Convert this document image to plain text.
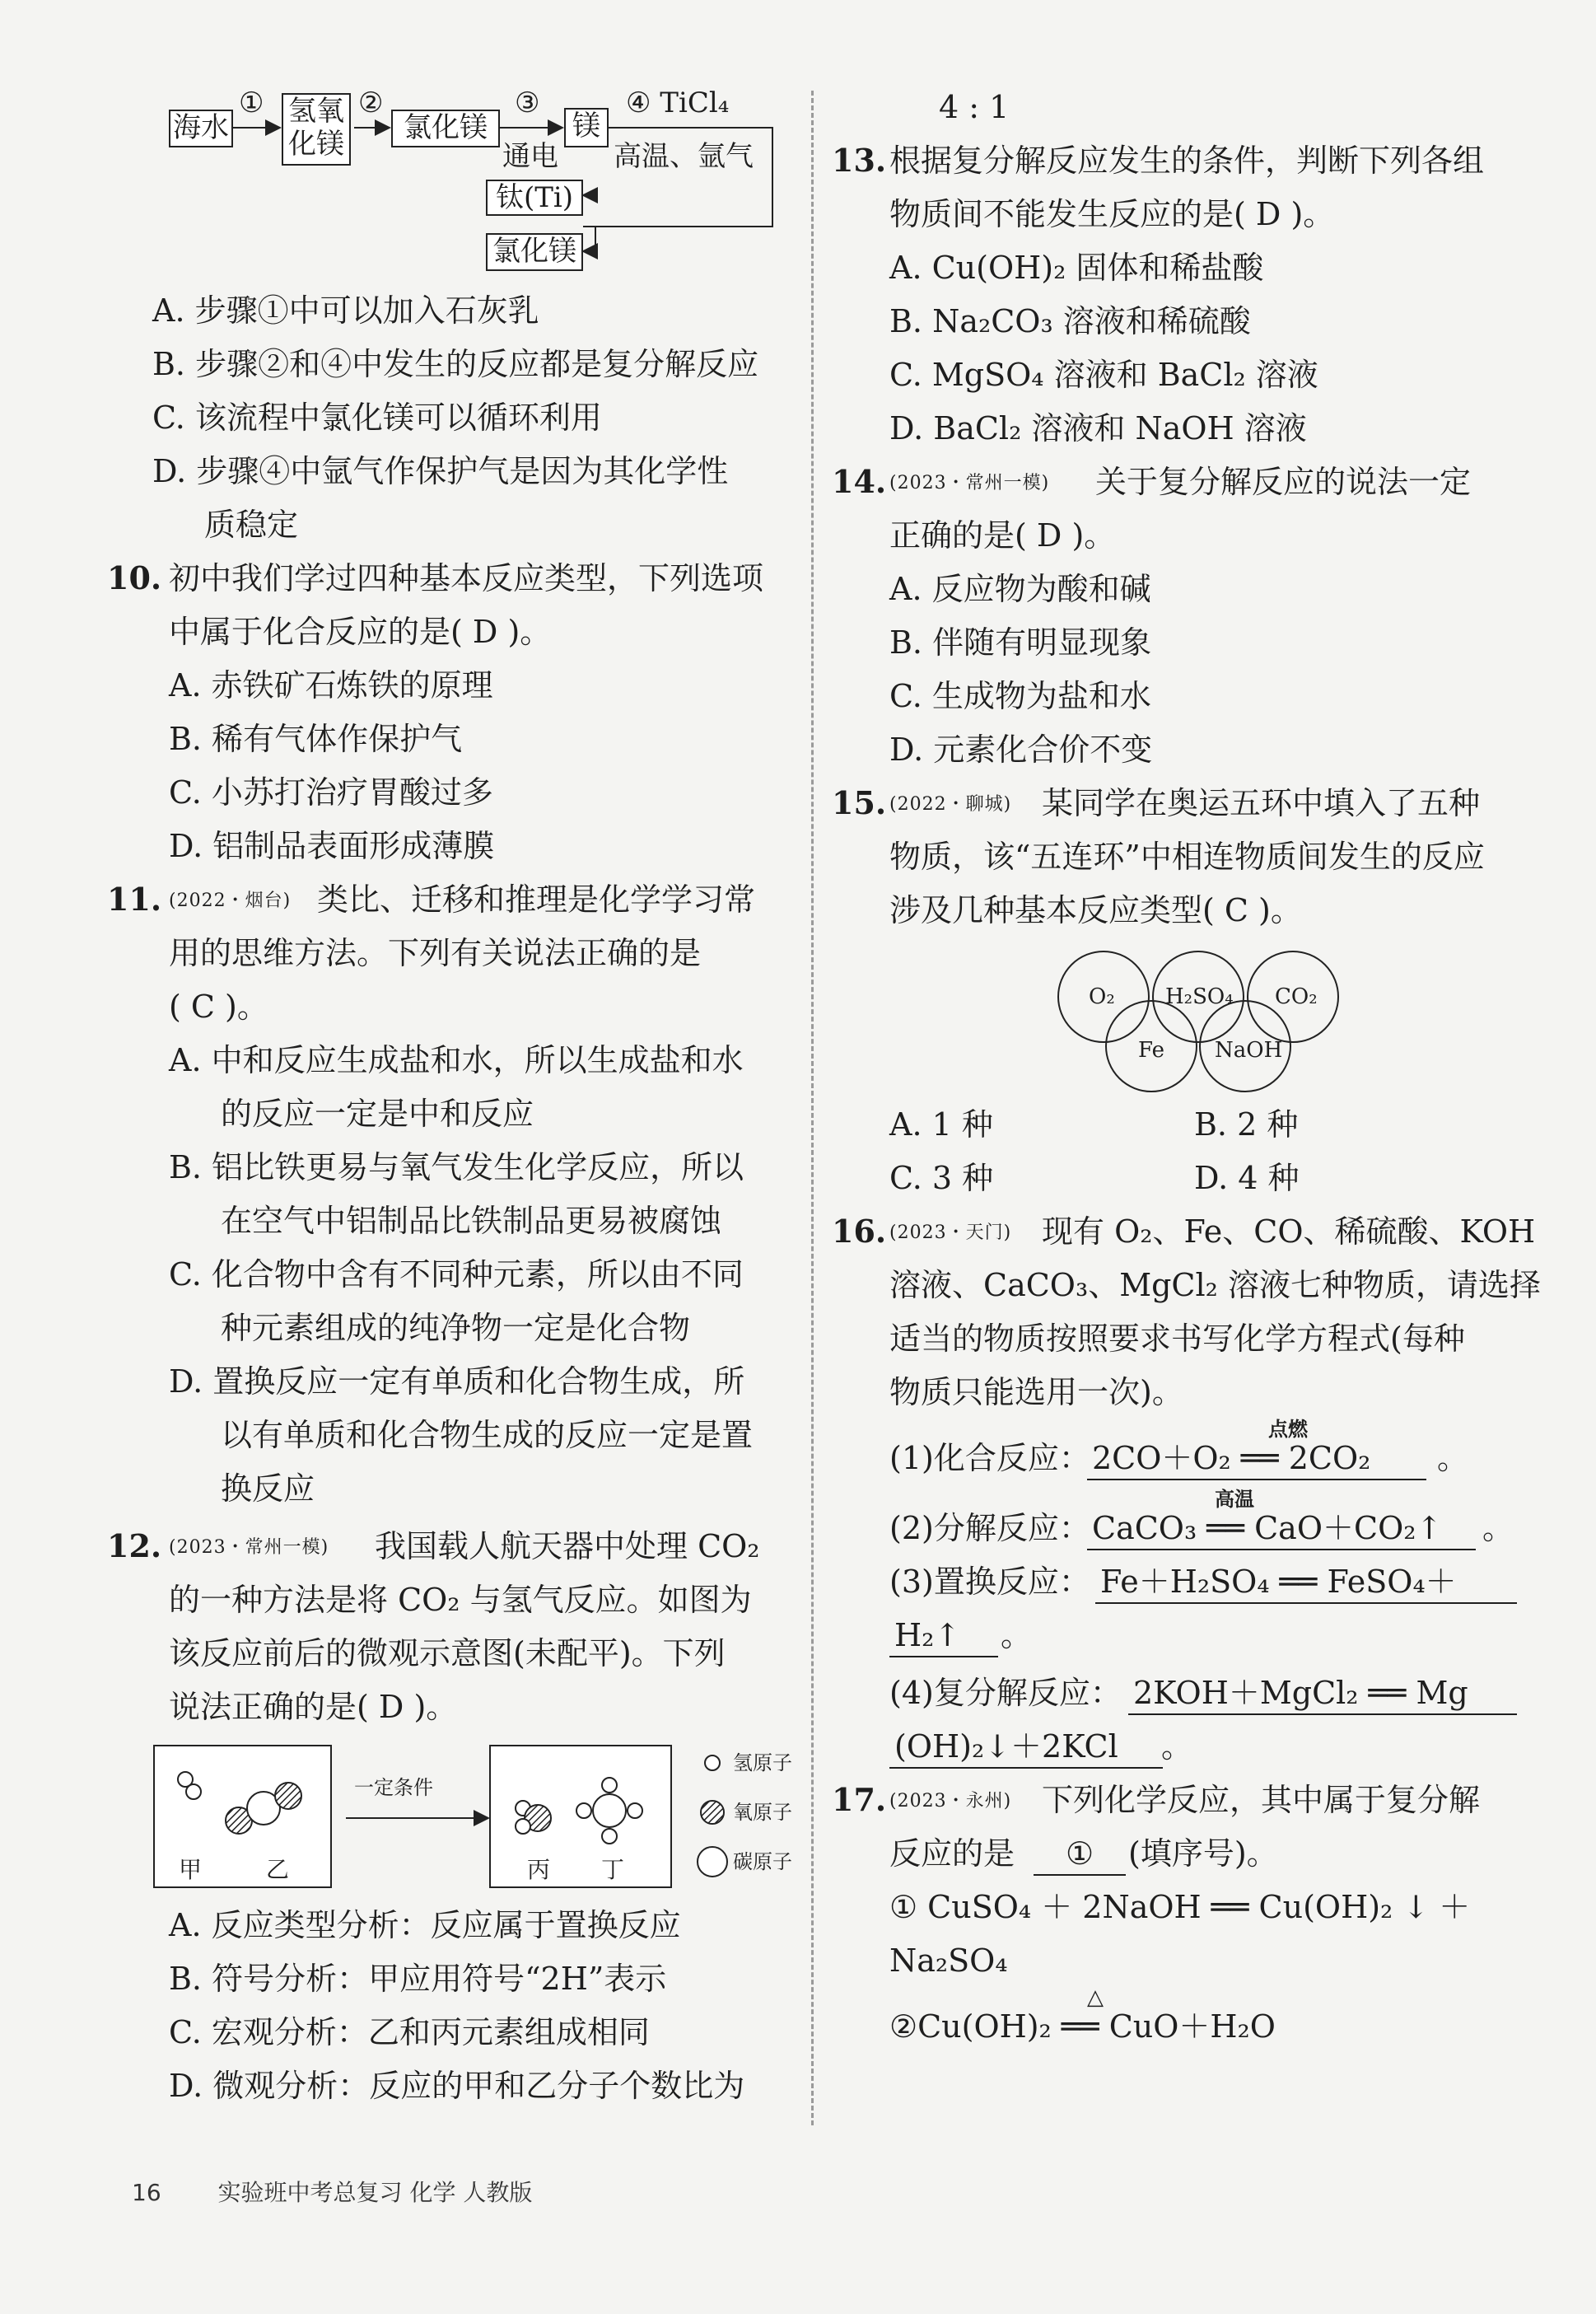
海水 氢氧化镁	氯化镁	镁
钛(Ti)
氯化镁
①	②	③	④ TiCl₄
通电 高温、氩气
A. 步骤①中可以加入石灰乳
B. 步骤②和④中发生的反应都是复分解反应
C. 该流程中氯化镁可以循环利用
D. 步骤④中氩气作保护气是因为其化学性
质稳定
10. 初中我们学过四种基本反应类型，下列选项
中属于化合反应的是( D )。
A. 赤铁矿石炼铁的原理
B. 稀有气体作保护气
C. 小苏打治疗胃酸过多
D. 铝制品表面形成薄膜
11. (2022・烟台) 类比、迁移和推理是化学学习常
用的思维方法。下列有关说法正确的是
( C )。
A. 中和反应生成盐和水，所以生成盐和水
的反应一定是中和反应
B. 铝比铁更易与氧气发生化学反应，所以
在空气中铝制品比铁制品更易被腐蚀
C. 化合物中含有不同种元素，所以由不同
种元素组成的纯净物一定是化合物
D. 置换反应一定有单质和化合物生成，所
以有单质和化合物生成的反应一定是置
换反应
12. (2023・常州一模) 我国载人航天器中处理 CO₂
的一种方法是将 CO₂ 与氢气反应。如图为
该反应前后的微观示意图(未配平)。下列
说法正确的是( D )。
一定条件
甲	乙	丙 丁
氢原子
氧原子
碳原子
A. 反应类型分析：反应属于置换反应
B. 符号分析：甲应用符号“2H”表示
C. 宏观分析：乙和丙元素组成相同
D. 微观分析：反应的甲和乙分子个数比为
4 : 1
13. 根据复分解反应发生的条件，判断下列各组
物质间不能发生反应的是( D )。
A. Cu(OH)₂ 固体和稀盐酸
B. Na₂CO₃ 溶液和稀硫酸
C. MgSO₄ 溶液和 BaCl₂ 溶液
D. BaCl₂ 溶液和 NaOH 溶液
14. (2023・常州一模) 关于复分解反应的说法一定
正确的是( D )。
A. 反应物为酸和碱
B. 伴随有明显现象
C. 生成物为盐和水
D. 元素化合价不变
15. (2022・聊城) 某同学在奥运五环中填入了五种
物质，该“五连环”中相连物质间发生的反应
涉及几种基本反应类型( C )。
O₂ H₂SO₄ CO₂
Fe NaOH
A. 1 种	B. 2 种
C. 3 种	D. 4 种
16. (2023・天门) 现有 O₂、Fe、CO、稀硫酸、KOH
溶液、CaCO₃、MgCl₂ 溶液七种物质，请选择
适当的物质按照要求书写化学方程式(每种
物质只能选用一次)。
(1)化合反应：
点燃
2CO＋O₂ ══ 2CO₂	。
(2)分解反应：
高温
CaCO₃ ══ CaO＋CO₂↑	。
(3)置换反应： Fe＋H₂SO₄ ══ FeSO₄＋
H₂↑	。
(4)复分解反应： 2KOH＋MgCl₂ ══ Mg
(OH)₂↓＋2KCl	。
17. (2023・永州) 下列化学反应，其中属于复分解
反应的是	①	(填序号)。
① CuSO₄ ＋ 2NaOH ══ Cu(OH)₂ ↓ ＋
Na₂SO₄
△
②Cu(OH)₂ ══ CuO＋H₂O
16 实验班中考总复习 化学 人教版
